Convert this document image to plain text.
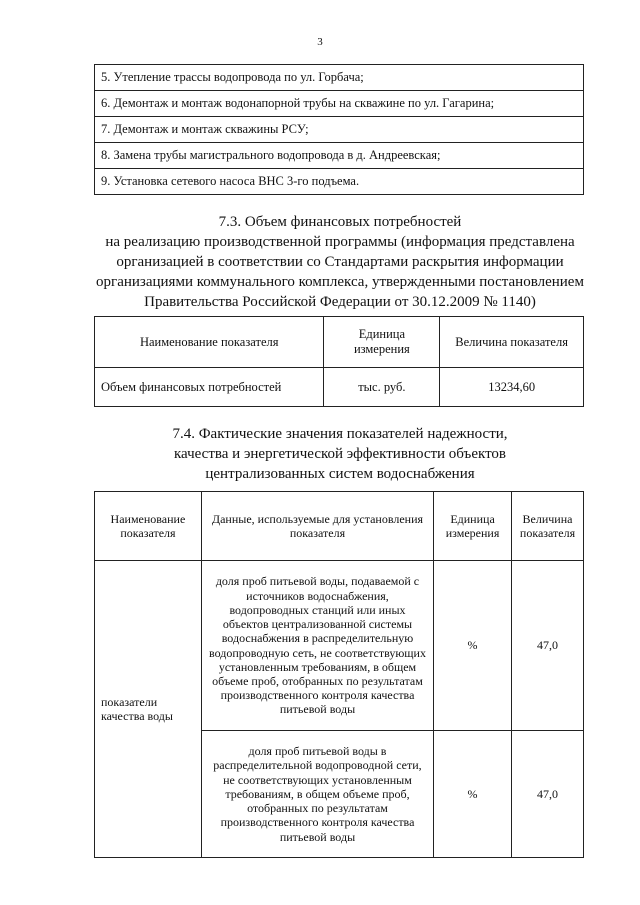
3
5. Утепление трассы водопровода по ул. Горбача;
6. Демонтаж и монтаж водонапорной трубы на скважине по ул. Гагарина;
7. Демонтаж и монтаж скважины РСУ;
8. Замена трубы магистрального водопровода в д. Андреевская;
9. Установка сетевого насоса ВНС 3-го подъема.
7.3. Объем финансовых потребностей
на реализацию производственной программы (информация представлена
организацией в соответствии со Стандартами раскрытия информации
организациями коммунального комплекса, утвержденными постановлением
Правительства Российской Федерации от 30.12.2009 № 1140)
Наименование показателя	Единица измерения	Величина показателя
Объем финансовых потребностей	тыс. руб.	13234,60
7.4. Фактические значения показателей надежности,
качества и энергетической эффективности объектов
централизованных систем водоснабжения
Наименование показателя	Данные, используемые для установления показателя	Единица измерения	Величина показателя
показатели качества воды	доля проб питьевой воды, подаваемой с источников водоснабжения, водопроводных станций или иных объектов централизованной системы водоснабжения в распределительную водопроводную сеть, не соответствующих установленным требованиям, в общем объеме проб, отобранных по результатам производственного контроля качества питьевой воды	%	47,0
	доля проб питьевой воды в распределительной водопроводной сети, не соответствующих установленным требованиям, в общем объеме проб, отобранных по результатам производственного контроля качества питьевой воды	%	47,0
